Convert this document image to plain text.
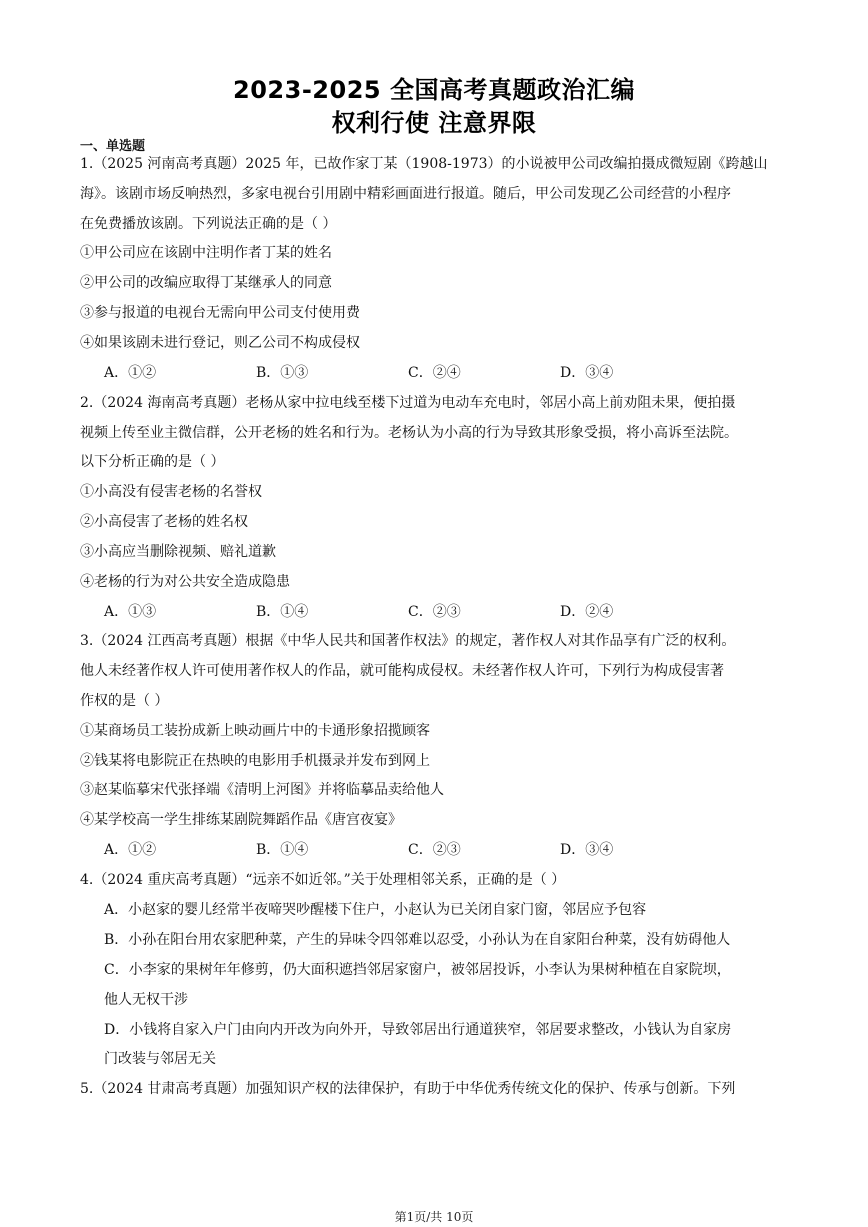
2023-2025 全国高考真题政治汇编
权利行使 注意界限
一、单选题
1.（2025 河南高考真题）2025 年，已故作家丁某（1908-1973）的小说被甲公司改编拍摄成微短剧《跨越山
海》。该剧市场反响热烈，多家电视台引用剧中精彩画面进行报道。随后，甲公司发现乙公司经营的小程序
在免费播放该剧。下列说法正确的是（ ）
①甲公司应在该剧中注明作者丁某的姓名
②甲公司的改编应取得丁某继承人的同意
③参与报道的电视台无需向甲公司支付使用费
④如果该剧未进行登记，则乙公司不构成侵权
A．①②	B．①③	C．②④	D．③④
2.（2024 海南高考真题）老杨从家中拉电线至楼下过道为电动车充电时，邻居小高上前劝阻未果，便拍摄
视频上传至业主微信群，公开老杨的姓名和行为。老杨认为小高的行为导致其形象受损，将小高诉至法院。
以下分析正确的是（ ）
①小高没有侵害老杨的名誉权
②小高侵害了老杨的姓名权
③小高应当删除视频、赔礼道歉
④老杨的行为对公共安全造成隐患
A．①③	B．①④	C．②③	D．②④
3.（2024 江西高考真题）根据《中华人民共和国著作权法》的规定，著作权人对其作品享有广泛的权利。
他人未经著作权人许可使用著作权人的作品，就可能构成侵权。未经著作权人许可，下列行为构成侵害著
作权的是（ ）
①某商场员工装扮成新上映动画片中的卡通形象招揽顾客
②钱某将电影院正在热映的电影用手机摄录并发布到网上
③赵某临摹宋代张择端《清明上河图》并将临摹品卖给他人
④某学校高一学生排练某剧院舞蹈作品《唐宫夜宴》
A．①②	B．①④	C．②③	D．③④
4.（2024 重庆高考真题）“远亲不如近邻。”关于处理相邻关系，正确的是（ ）
A．小赵家的婴儿经常半夜啼哭吵醒楼下住户，小赵认为已关闭自家门窗，邻居应予包容
B．小孙在阳台用农家肥种菜，产生的异味令四邻难以忍受，小孙认为在自家阳台种菜，没有妨碍他人
C．小李家的果树年年修剪，仍大面积遮挡邻居家窗户，被邻居投诉，小李认为果树种植在自家院坝，
他人无权干涉
D．小钱将自家入户门由向内开改为向外开，导致邻居出行通道狭窄，邻居要求整改，小钱认为自家房
门改装与邻居无关
5.（2024 甘肃高考真题）加强知识产权的法律保护，有助于中华优秀传统文化的保护、传承与创新。下列
第1页/共 10页
